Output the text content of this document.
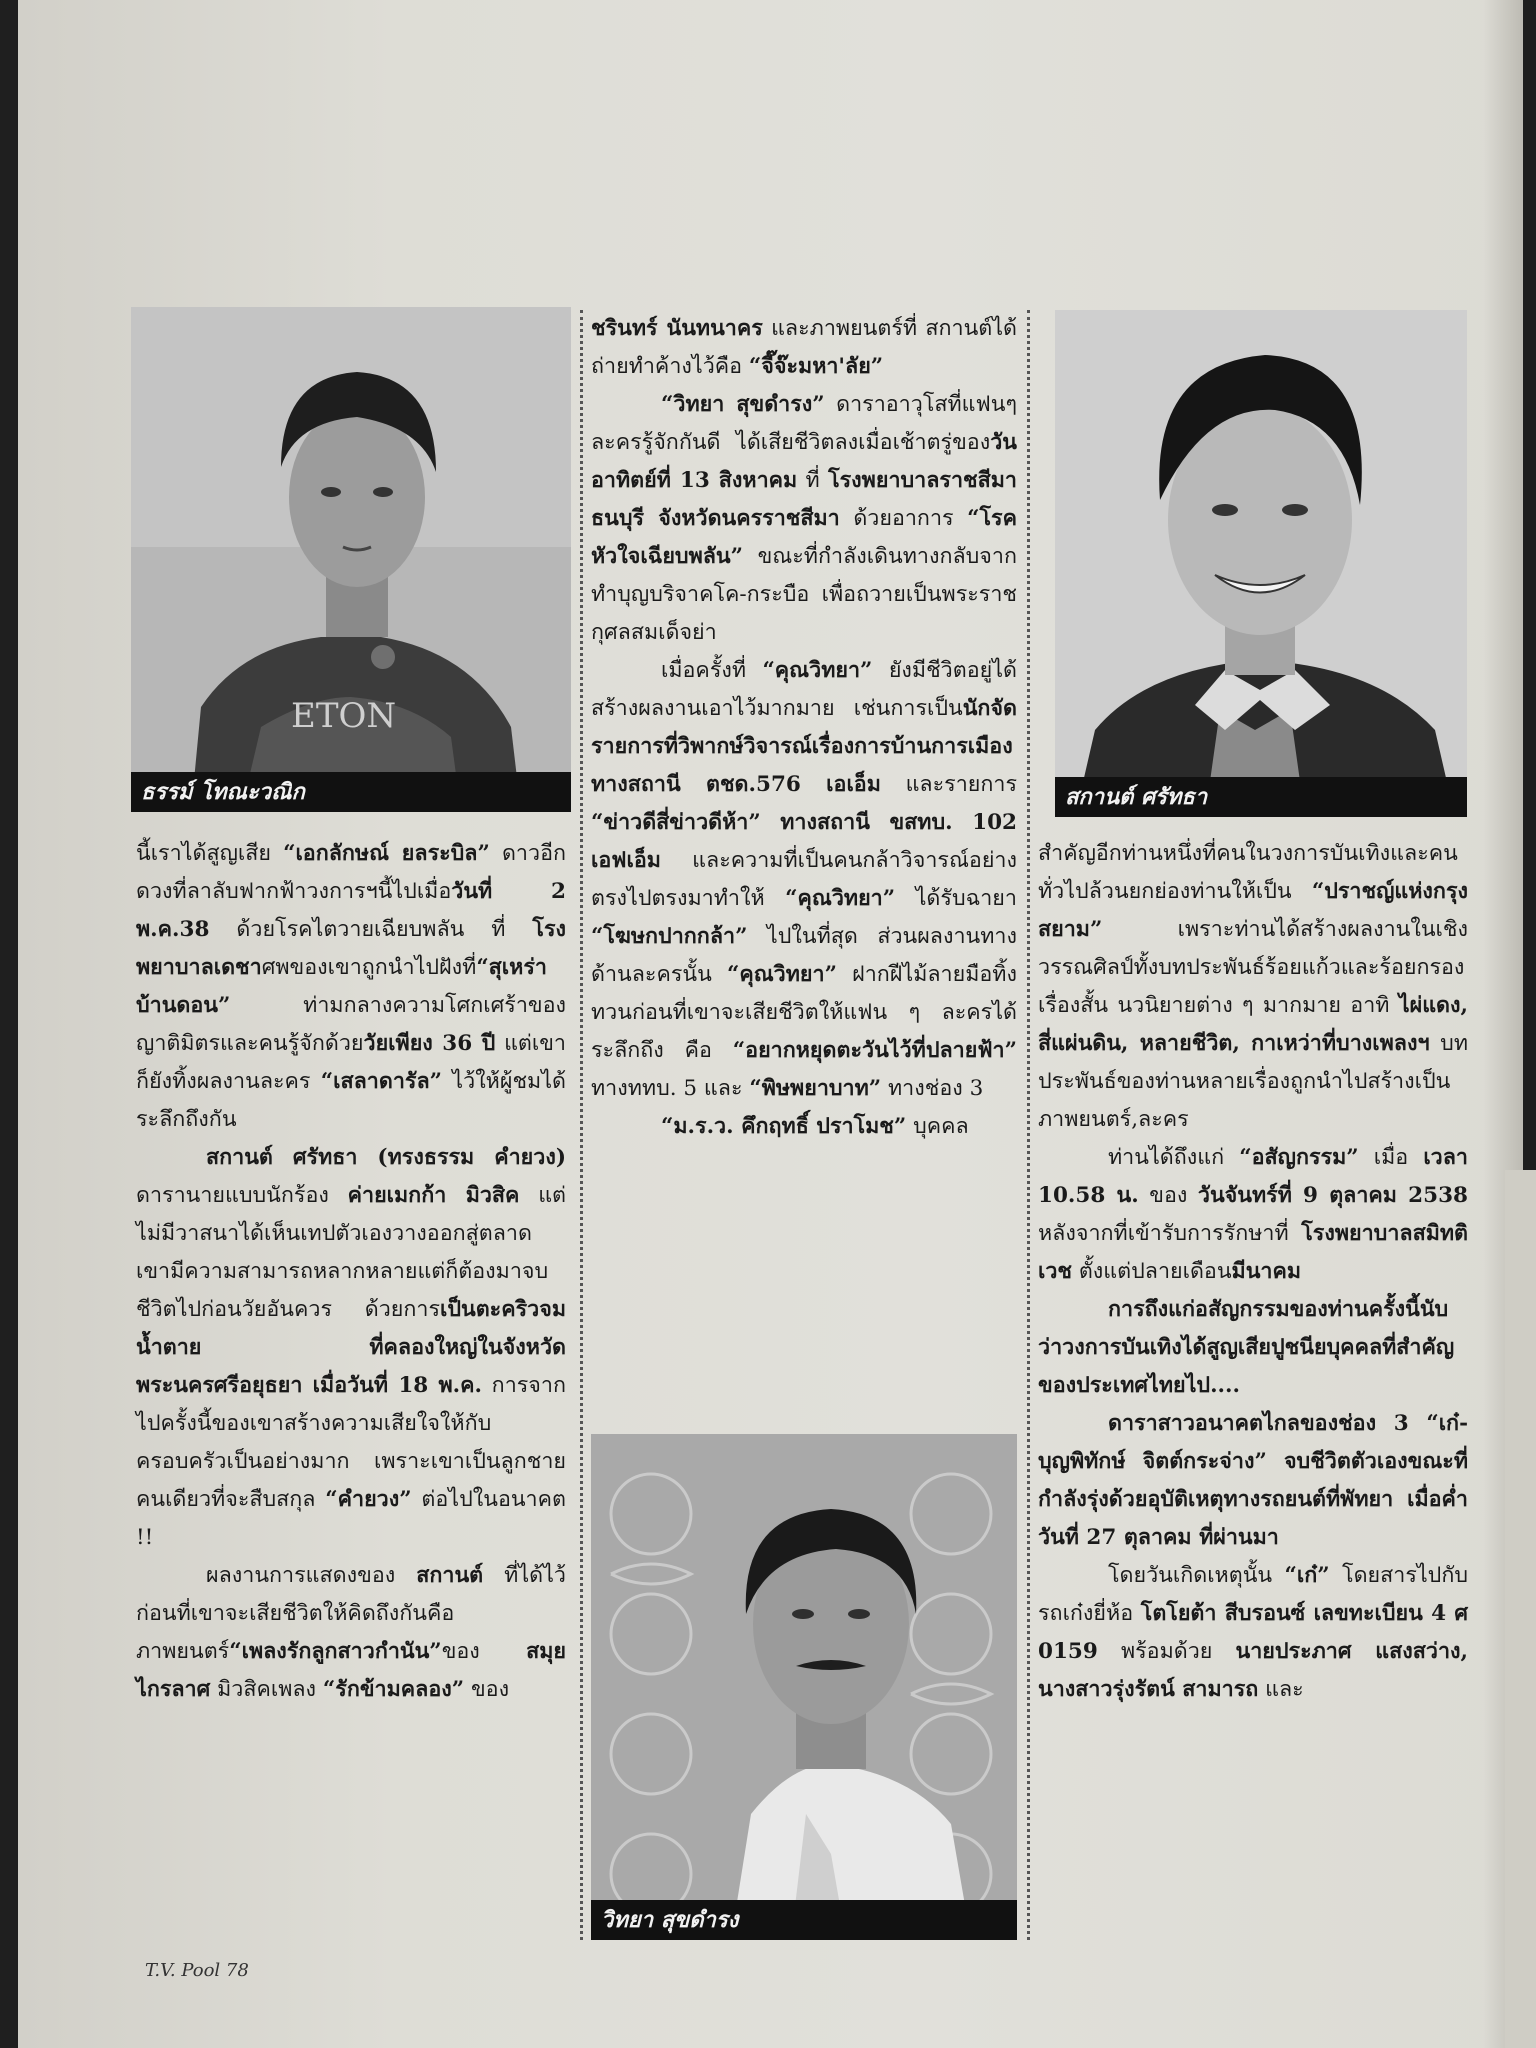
ETON
ธรรม์ โทณะวณิก	สกานต์ ศรัทธา
วิทยา สุขดำรง

นี้เราได้สูญเสีย “เอกลักษณ์ ยลระบิล” ดาวอีกดวงที่ลาลับฟากฟ้าวงการฯนี้ไปเมื่อวันที่ 2 พ.ค.38 ด้วยโรคไตวายเฉียบพลัน ที่ โรงพยาบาลเดชาศพของเขาถูกนำไปฝังที่“สุเหร่าบ้านดอน” ท่ามกลางความโศกเศร้าของญาติมิตรและคนรู้จักด้วยวัยเพียง 36 ปี แต่เขาก็ยังทิ้งผลงานละคร “เสลาดารัล” ไว้ให้ผู้ชมได้ระลึกถึงกัน

สกานต์ ศรัทธา (ทรงธรรม คำยวง) ดารานายแบบนักร้อง ค่ายเมกก้า มิวสิค แต่ไม่มีวาสนาได้เห็นเทปตัวเองวางออกสู่ตลาด เขามีความสามารถหลากหลายแต่ก็ต้องมาจบชีวิตไปก่อนวัยอันควร ด้วยการเป็นตะคริวจมน้ำตาย ที่คลองใหญ่ในจังหวัดพระนครศรีอยุธยา เมื่อวันที่ 18 พ.ค. การจากไปครั้งนี้ของเขาสร้างความเสียใจให้กับครอบครัวเป็นอย่างมาก เพราะเขาเป็นลูกชายคนเดียวที่จะสืบสกุล “คำยวง” ต่อไปในอนาคต !!

ผลงานการแสดงของ สกานต์ ที่ได้ไว้ก่อนที่เขาจะเสียชีวิตให้คิดถึงกันคือ ภาพยนตร์“เพลงรักลูกสาวกำนัน”ของ สมุย ไกรลาศ มิวสิคเพลง “รักข้ามคลอง” ของ

ชรินทร์ นันทนาคร และภาพยนตร์ที่ สกานต์ได้ถ่ายทำค้างไว้คือ “จี๊จ๊ะมหา'ลัย”

“วิทยา สุขดำรง” ดาราอาวุโสที่แฟนๆละครรู้จักกันดี ได้เสียชีวิตลงเมื่อเช้าตรู่ของวันอาทิตย์ที่ 13 สิงหาคม ที่ โรงพยาบาลราชสีมาธนบุรี จังหวัดนครราชสีมา ด้วยอาการ “โรคหัวใจเฉียบพลัน” ขณะที่กำลังเดินทางกลับจากทำบุญบริจาคโค-กระบือ เพื่อถวายเป็นพระราชกุศลสมเด็จย่า

เมื่อครั้งที่ “คุณวิทยา” ยังมีชีวิตอยู่ได้สร้างผลงานเอาไว้มากมาย เช่นการเป็นนักจัดรายการที่วิพากษ์วิจารณ์เรื่องการบ้านการเมือง ทางสถานี ตชด.576 เอเอ็ม และรายการ “ข่าวดีสี่ข่าวดีห้า” ทางสถานี ขสทบ. 102 เอฟเอ็ม และความที่เป็นคนกล้าวิจารณ์อย่างตรงไปตรงมาทำให้ “คุณวิทยา” ได้รับฉายา “โฆษกปากกล้า” ไปในที่สุด ส่วนผลงานทางด้านละครนั้น “คุณวิทยา” ฝากฝีไม้ลายมือทิ้งทวนก่อนที่เขาจะเสียชีวิตให้แฟน ๆ ละครได้ระลึกถึง คือ “อยากหยุดตะวันไว้ที่ปลายฟ้า” ทางททบ. 5 และ “พิษพยาบาท” ทางช่อง 3

“ม.ร.ว. คึกฤทธิ์ ปราโมช” บุคคล

สำคัญอีกท่านหนึ่งที่คนในวงการบันเทิงและคนทั่วไปล้วนยกย่องท่านให้เป็น “ปราชญ์แห่งกรุงสยาม” เพราะท่านได้สร้างผลงานในเชิงวรรณศิลป์ทั้งบทประพันธ์ร้อยแก้วและร้อยกรอง เรื่องสั้น นวนิยายต่าง ๆ มากมาย อาทิ ไผ่แดง, สี่แผ่นดิน, หลายชีวิต, กาเหว่าที่บางเพลงฯ บทประพันธ์ของท่านหลายเรื่องถูกนำไปสร้างเป็นภาพยนตร์,ละคร

ท่านได้ถึงแก่ “อสัญกรรม” เมื่อ เวลา 10.58 น. ของ วันจันทร์ที่ 9 ตุลาคม 2538 หลังจากที่เข้ารับการรักษาที่ โรงพยาบาลสมิทติเวช ตั้งแต่ปลายเดือนมีนาคม

การถึงแก่อสัญกรรมของท่านครั้งนี้นับว่าวงการบันเทิงได้สูญเสียปูชนียบุคคลที่สำคัญของประเทศไทยไป....

ดาราสาวอนาคตไกลของช่อง 3 “เก๋-บุญพิทักษ์ จิตต์กระจ่าง” จบชีวิตตัวเองขณะที่กำลังรุ่งด้วยอุบัติเหตุทางรถยนต์ที่พัทยา เมื่อค่ำวันที่ 27 ตุลาคม ที่ผ่านมา

โดยวันเกิดเหตุนั้น “เก๋” โดยสารไปกับรถเก๋งยี่ห้อ โตโยต้า สีบรอนซ์ เลขทะเบียน 4 ศ 0159 พร้อมด้วย นายประภาศ แสงสว่าง, นางสาวรุ่งรัตน์ สามารถ และ

T.V. Pool 78
